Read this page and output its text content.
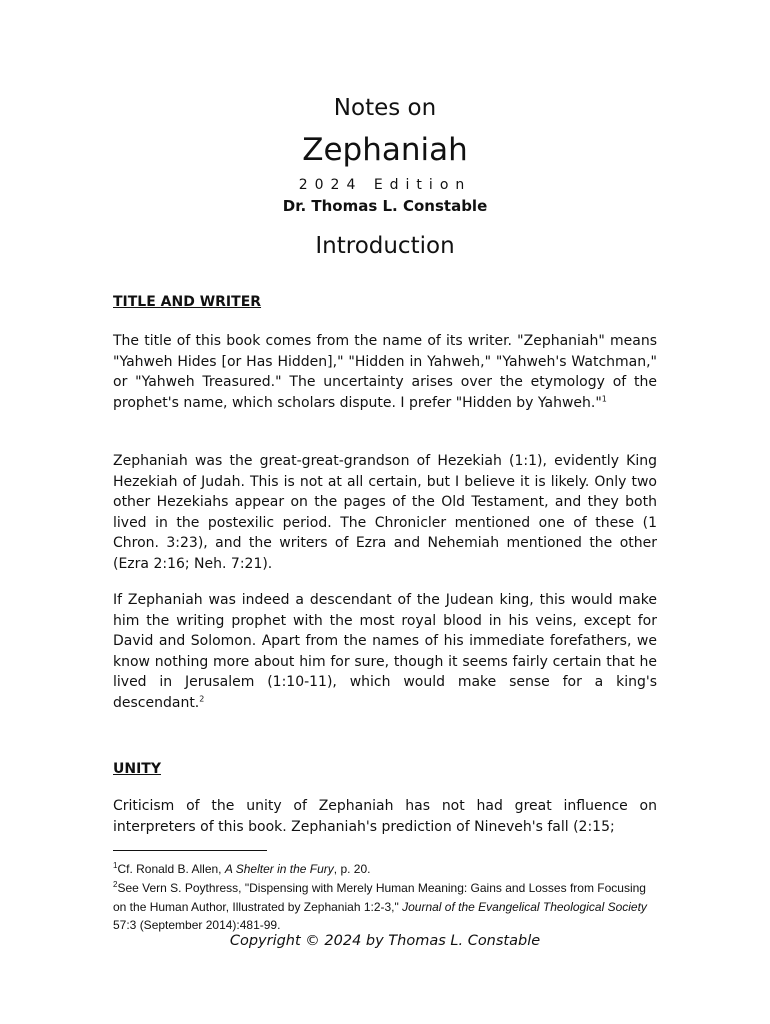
Notes on
Zephaniah
2024 Edition
Dr. Thomas L. Constable
Introduction
TITLE AND WRITER

The title of this book comes from the name of its writer. "Zephaniah" means "Yahweh Hides [or Has Hidden]," "Hidden in Yahweh," "Yahweh's Watchman," or "Yahweh Treasured." The uncertainty arises over the etymology of the prophet's name, which scholars dispute. I prefer "Hidden by Yahweh."$^1$

Zephaniah was the great-great-grandson of Hezekiah (1:1), evidently King Hezekiah of Judah. This is not at all certain, but I believe it is likely. Only two other Hezekiahs appear on the pages of the Old Testament, and they both lived in the postexilic period. The Chronicler mentioned one of these (1 Chron. 3:23), and the writers of Ezra and Nehemiah mentioned the other (Ezra 2:16; Neh. 7:21).

If Zephaniah was indeed a descendant of the Judean king, this would make him the writing prophet with the most royal blood in his veins, except for David and Solomon. Apart from the names of his immediate forefathers, we know nothing more about him for sure, though it seems fairly certain that he lived in Jerusalem (1:10-11), which would make sense for a king's descendant.$^2$

UNITY

Criticism of the unity of Zephaniah has not had great influence on interpreters of this book. Zephaniah's prediction of Nineveh's fall (2:15;

$^1$Cf. Ronald B. Allen, A Shelter in the Fury, p. 20.

$^2$See Vern S. Poythress, "Dispensing with Merely Human Meaning: Gains and Losses from Focusing on the Human Author, Illustrated by Zephaniah 1:2-3," Journal of the Evangelical Theological Society 57:3 (September 2014):481-99.

Copyright © 2024 by Thomas L. Constable
